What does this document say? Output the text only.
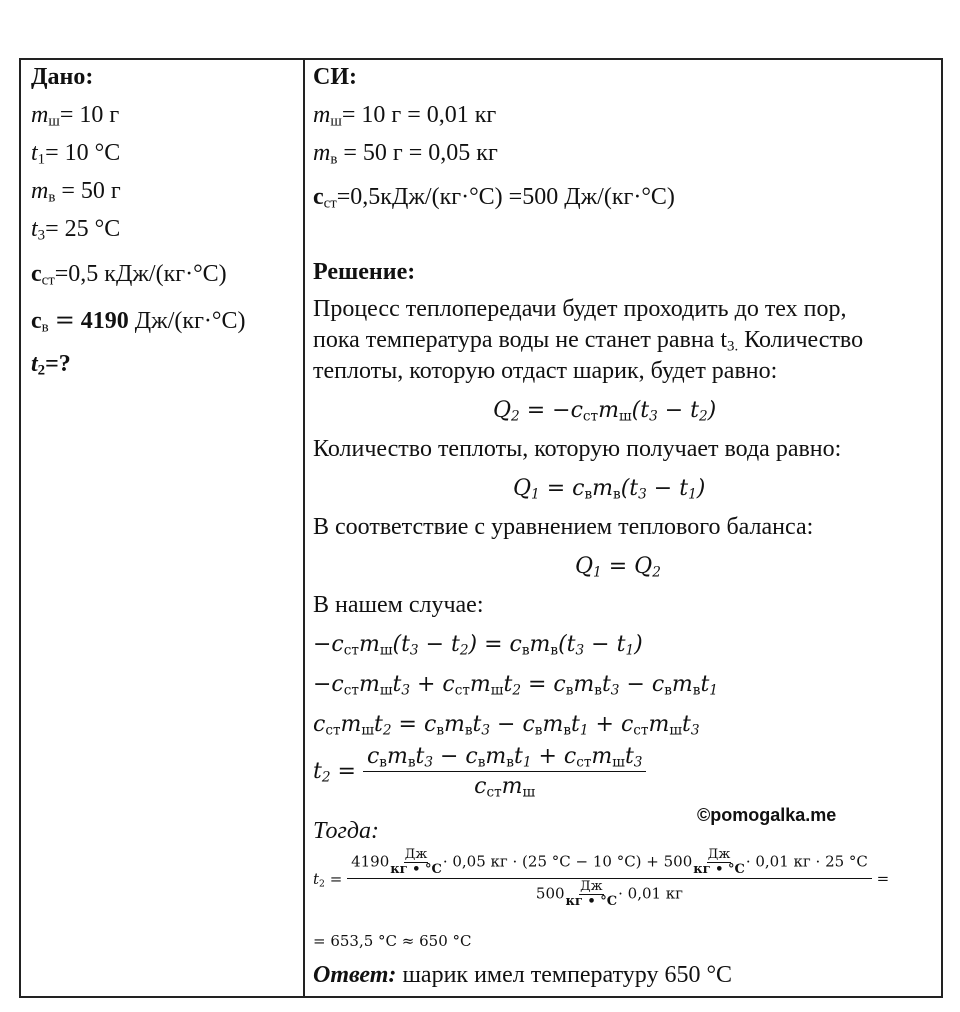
Дано:
$m_ш= 10$ г
$t_1= 10$ °С
$m_в = 50$ г
$t_3= 25$ °С
$c_{ст}=0,5$ кДж/(кг·°С)
$c_в = 4190$ Дж/(кг·°С)
$t_2=$?
СИ:
$m_ш= 10$ г = 0,01 кг
$m_в = 50$ г = 0,05 кг
$c_{ст}=0,5кДж/(кг\cdot^\circ С) =500$ Дж/(кг·°С)
Решение:
Процесс теплопередачи будет проходить до тех пор,
пока температура воды не станет равна $t_{3.}$ Количество
теплоты, которую отдаст шарик, будет равно:
$Q_2 = -c_{ст}m_ш(t_3 - t_2)$
Количество теплоты, которую получает вода равно:
$Q_1 = c_вm_в(t_3 - t_1)$
В соответствие с уравнением теплового баланса:
$Q_1 = Q_2$
В нашем случае:
$-c_{ст}m_ш(t_3 - t_2) = c_вm_в(t_3 - t_1)$
$-c_{ст}m_шt_3 + c_{ст}m_шt_2 = c_вm_вt_3 - c_вm_вt_1$
$c_{ст}m_шt_2 = c_вm_вt_3 - c_вm_вt_1 + c_{ст}m_шt_3$
$t_2 = \frac{c_вm_вt_3 - c_вm_вt_1 + c_{ст}m_шt_3}{c_{ст}m_ш}$
©pomogalka.me
Тогда:
$t_2$ =
$4190 \frac{Дж}{кг • ^\circ С} \cdot 0,05$ кг · (25 °С − 10 $^\circ С) + 500 \frac{Дж}{кг • ^\circ С} \cdot 0,01$ кг · 25 °С
$500 \frac{Дж}{кг • ^\circ С} \cdot 0,01$ кг
=
= 653,5 °С ≈ 650 °С
Ответ: шарик имел температуру 650 °С
